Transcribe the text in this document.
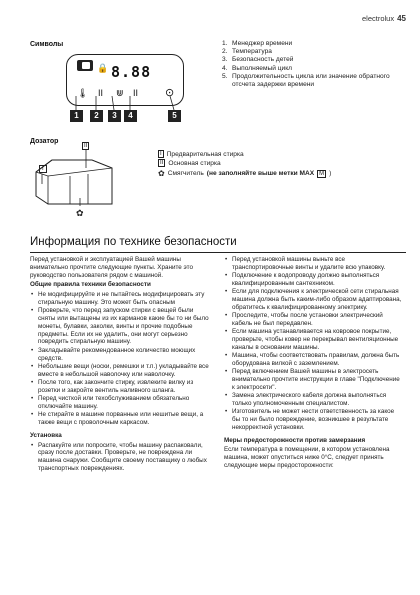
electrolux 45
Символы
🔒 8.88
🌡 II ⋓ II ⊙
1	2	3	4	5
1. Менеджер времени
2. Температура
3. Безопасность детей
4. Выполняемый цикл
5. Продолжительность цикла или значение обратного отсчета задержки времени
Дозатор
II
I
✿
I Предварительная стирка
II Основная стирка
✿ Смягчитель (не заполняйте выше метки MAX M )
Информация по технике безопасности

Перед установкой и эксплуатацией Вашей машины внимательно прочтите следующие пункты. Храните это руководство пользователя рядом с машиной.

Общие правила техники безопасности
• Не модифицируйте и не пытайтесь модифицировать эту стиральную машину. Это может быть опасным
• Проверьте, что перед запуском стирки с вещей были сняты или вытащены из их карманов какие бы то ни было монеты, булавки, заколки, винты и прочие подобные предметы. Если их не удалить, они могут серьезно повредить стиральную машину.
• Закладывайте рекомендованное количество моющих средств.
• Небольшие вещи (носки, ремешки и т.п.) укладывайте все вместе в небольшой наволочку или наволочку.
• После того, как закончите стирку, извлеките вилку из розетки и закройте вентиль наливного шланга.
• Перед чисткой или техобслуживанием обязательно отключайте машину.
• Не стирайте в машине порванные или нешитые вещи, а также вещи с проволочным каркасом.
Установка
• Распакуйте или попросите, чтобы машину распаковали, сразу после доставки. Проверьте, не повреждена ли машина снаружи. Сообщите своему поставщику о любых транспортных повреждениях.
• Перед установкой машины выньте все транспортировочные винты и удалите всю упаковку.
• Подключение к водопроводу должно выполняться квалифицированным сантехником.
• Если для подключения к электрической сети стиральная машина должна быть каким-либо образом адаптирована, обратитесь к квалифицированному электрику.
• Проследите, чтобы после установки электрический кабель не был передавлен.
• Если машина устанавливается на ковровое покрытие, проверьте, чтобы ковер не перекрывал вентиляционные каналы в основании машины.
• Машина, чтобы соответствовать правилам, должна быть оборудована вилкой с заземлением.
• Перед включением Вашей машины в электросеть внимательно прочтите инструкции в главе "Подключение к электросети".
• Замена электрического кабеля должна выполняться только уполномоченным специалистом.
• Изготовитель не может нести ответственность за какое бы то ни было повреждение, возникшее в результате некорректной установки.
Меры предосторожности против замерзания

Если температура в помещении, в котором установлена машина, может опуститься ниже 0°С, следует принять следующие меры предосторожности:
